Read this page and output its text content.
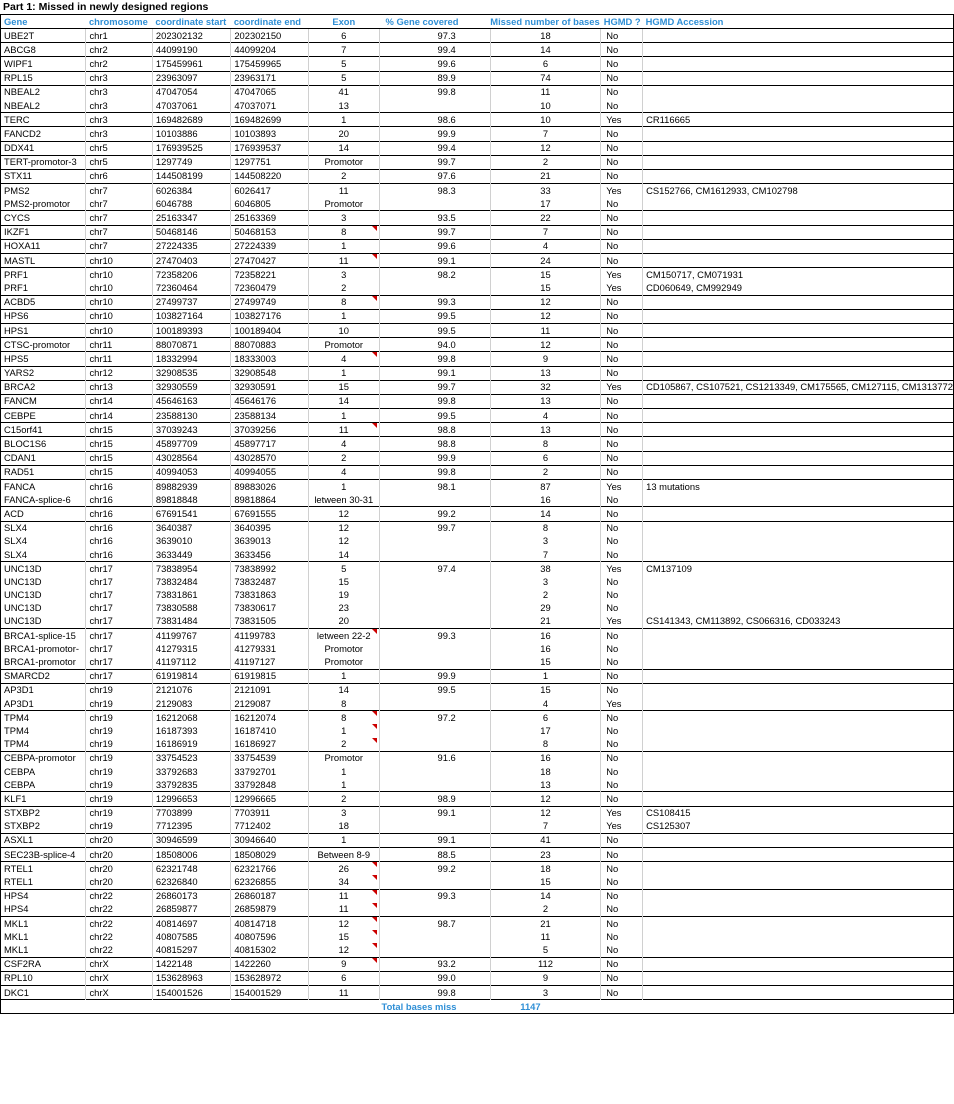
Part 1: Missed in newly designed regions
Gene	chromosome	coordinate start	coordinate end	Exon	% Gene covered	Missed number of bases	HGMD ?	HGMD Accession
UBE2T	chr1	202302132	202302150	6	97.3	18	No	
ABCG8	chr2	44099190	44099204	7	99.4	14	No	
WIPF1	chr2	175459961	175459965	5	99.6	6	No	
RPL15	chr3	23963097	23963171	5	89.9	74	No	
NBEAL2	chr3	47047054	47047065	41	99.8	11	No	
NBEAL2	chr3	47037061	47037071	13		10	No	
TERC	chr3	169482689	169482699	1	98.6	10	Yes	CR116665
FANCD2	chr3	10103886	10103893	20	99.9	7	No	
DDX41	chr5	176939525	176939537	14	99.4	12	No	
TERT-promotor-3	chr5	1297749	1297751	Promotor	99.7	2	No	
STX11	chr6	144508199	144508220	2	97.6	21	No	
PMS2	chr7	6026384	6026417	11	98.3	33	Yes	CS152766, CM1612933, CM102798
PMS2-promotor	chr7	6046788	6046805	Promotor		17	No	
CYCS	chr7	25163347	25163369	3	93.5	22	No	
IKZF1	chr7	50468146	50468153	8	99.7	7	No	
HOXA11	chr7	27224335	27224339	1	99.6	4	No	
MASTL	chr10	27470403	27470427	11	99.1	24	No	
PRF1	chr10	72358206	72358221	3	98.2	15	Yes	CM150717, CM071931
PRF1	chr10	72360464	72360479	2		15	Yes	CD060649, CM992949
ACBD5	chr10	27499737	27499749	8	99.3	12	No	
HPS6	chr10	103827164	103827176	1	99.5	12	No	
HPS1	chr10	100189393	100189404	10	99.5	11	No	
CTSC-promotor	chr11	88070871	88070883	Promotor	94.0	12	No	
HPS5	chr11	18332994	18333003	4	99.8	9	No	
YARS2	chr12	32908535	32908548	1	99.1	13	No	
BRCA2	chr13	32930559	32930591	15	99.7	32	Yes	CD105867, CS107521, CS1213349, CM175565, CM127115, CM1313772
FANCM	chr14	45646163	45646176	14	99.8	13	No	
CEBPE	chr14	23588130	23588134	1	99.5	4	No	
C15orf41	chr15	37039243	37039256	11	98.8	13	No	
BLOC1S6	chr15	45897709	45897717	4	98.8	8	No	
CDAN1	chr15	43028564	43028570	2	99.9	6	No	
RAD51	chr15	40994053	40994055	4	99.8	2	No	
FANCA	chr16	89882939	89883026	1	98.1	87	Yes	13 mutations
FANCA-splice-6	chr16	89818848	89818864	letween 30-31		16	No	
ACD	chr16	67691541	67691555	12	99.2	14	No	
SLX4	chr16	3640387	3640395	12	99.7	8	No	
SLX4	chr16	3639010	3639013	12		3	No	
SLX4	chr16	3633449	3633456	14		7	No	
UNC13D	chr17	73838954	73838992	5	97.4	38	Yes	CM137109
UNC13D	chr17	73832484	73832487	15		3	No	
UNC13D	chr17	73831861	73831863	19		2	No	
UNC13D	chr17	73830588	73830617	23		29	No	
UNC13D	chr17	73831484	73831505	20		21	Yes	CS141343, CM113892, CS066316, CD033243
BRCA1-splice-15	chr17	41199767	41199783	letween 22-2	99.3	16	No	
BRCA1-promotor-	chr17	41279315	41279331	Promotor		16	No	
BRCA1-promotor	chr17	41197112	41197127	Promotor		15	No	
SMARCD2	chr17	61919814	61919815	1	99.9	1	No	
AP3D1	chr19	2121076	2121091	14	99.5	15	No	
AP3D1	chr19	2129083	2129087	8		4	Yes	
TPM4	chr19	16212068	16212074	8	97.2	6	No	
TPM4	chr19	16187393	16187410	1		17	No	
TPM4	chr19	16186919	16186927	2		8	No	
CEBPA-promotor	chr19	33754523	33754539	Promotor	91.6	16	No	
CEBPA	chr19	33792683	33792701	1		18	No	
CEBPA	chr19	33792835	33792848	1		13	No	
KLF1	chr19	12996653	12996665	2	98.9	12	No	
STXBP2	chr19	7703899	7703911	3	99.1	12	Yes	CS108415
STXBP2	chr19	7712395	7712402	18		7	Yes	CS125307
ASXL1	chr20	30946599	30946640	1	99.1	41	No	
SEC23B-splice-4	chr20	18508006	18508029	Between 8-9	88.5	23	No	
RTEL1	chr20	62321748	62321766	26	99.2	18	No	
RTEL1	chr20	62326840	62326855	34		15	No	
HPS4	chr22	26860173	26860187	11	99.3	14	No	
HPS4	chr22	26859877	26859879	11		2	No	
MKL1	chr22	40814697	40814718	12	98.7	21	No	
MKL1	chr22	40807585	40807596	15		11	No	
MKL1	chr22	40815297	40815302	12		5	No	
CSF2RA	chrX	1422148	1422260	9	93.2	112	No	
RPL10	chrX	153628963	153628972	6	99.0	9	No	
DKC1	chrX	154001526	154001529	11	99.8	3	No	
					Total bases miss	1147		
